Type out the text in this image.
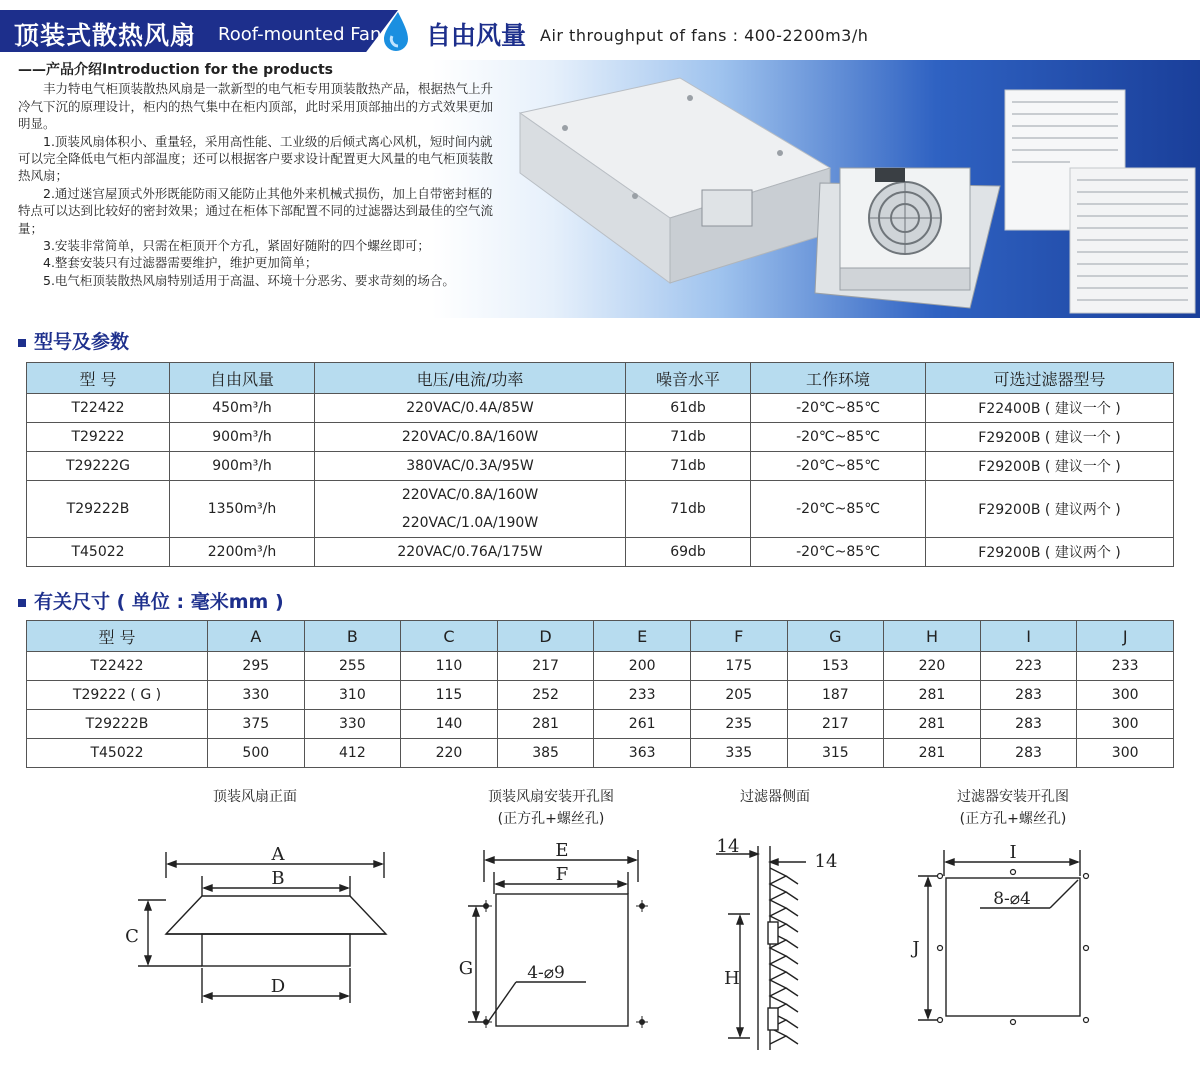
顶装式散热风扇 Roof-mounted Fan 自由风量 Air throughput of fans : 400-2200m3/h
——产品介绍Introduction for the products

丰力特电气柜顶装散热风扇是一款新型的电气柜专用顶装散热产品，根据热气上升冷气下沉的原理设计，柜内的热气集中在柜内顶部，此时采用顶部抽出的方式效果更加明显。

1.顶装风扇体积小、重量轻，采用高性能、工业级的后倾式离心风机，短时间内就可以完全降低电气柜内部温度；还可以根据客户要求设计配置更大风量的电气柜顶装散热风扇；

2.通过迷宫屋顶式外形既能防雨又能防止其他外来机械式损伤，加上自带密封框的特点可以达到比较好的密封效果；通过在柜体下部配置不同的过滤器达到最佳的空气流量；

3.安装非常简单，只需在柜顶开个方孔，紧固好随附的四个螺丝即可；

4.整套安装只有过滤器需要维护，维护更加简单；

5.电气柜顶装散热风扇特别适用于高温、环境十分恶劣、要求苛刻的场合。

型号及参数
型 号	自由风量	电压/电流/功率	噪音水平	工作环境	可选过滤器型号
T22422	450m³/h	220VAC/0.4A/85W	61db	-20℃~85℃	F22400B ( 建议一个 )
T29222	900m³/h	220VAC/0.8A/160W	71db	-20℃~85℃	F29200B ( 建议一个 )
T29222G	900m³/h	380VAC/0.3A/95W	71db	-20℃~85℃	F29200B ( 建议一个 )
T29222B	1350m³/h	220VAC/0.8A/160W
220VAC/1.0A/190W	71db	-20℃~85℃	F29200B ( 建议两个 )
T45022	2200m³/h	220VAC/0.76A/175W	69db	-20℃~85℃	F29200B ( 建议两个 )
有关尺寸 ( 单位 : 毫米mm )
型 号	A	B	C	D	E	F	G	H	I	J
T22422	295	255	110	217	200	175	153	220	223	233
T29222 ( G )	330	310	115	252	233	205	187	281	283	300
T29222B	375	330	140	281	261	235	217	281	283	300
T45022	500	412	220	385	363	335	315	281	283	300
顶装风扇正面	顶装风扇安装开孔图
(正方孔+螺丝孔)
过滤器侧面	过滤器安装开孔图
(正方孔+螺丝孔)
A
B
C
D
E
F
G	4-⌀9
14
14
H
I
J
8-⌀4
